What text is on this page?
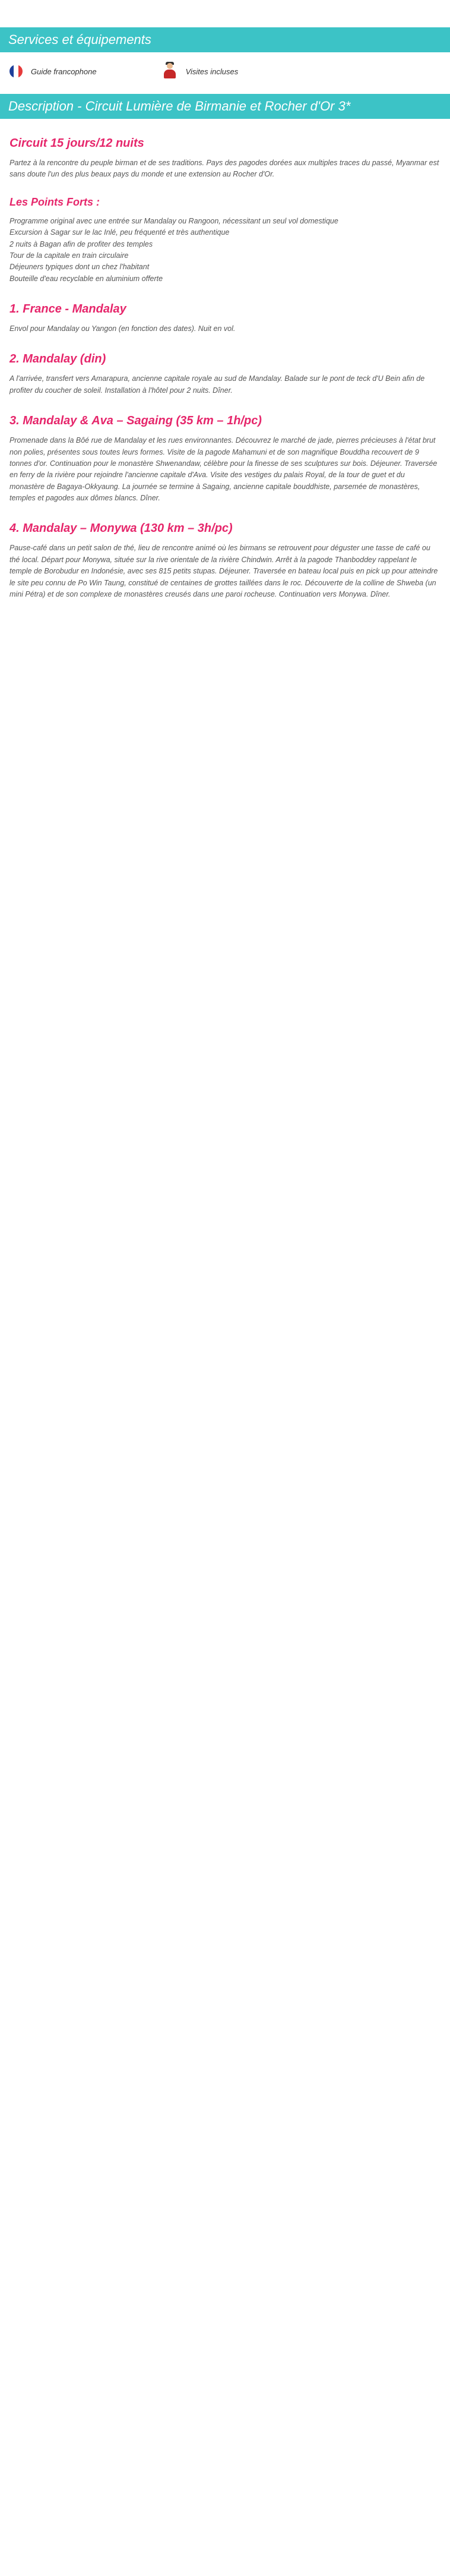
Services et équipements
Guide francophone	Visites incluses
Description - Circuit Lumière de Birmanie et Rocher d'Or 3*
Circuit 15 jours/12 nuits

Partez à la rencontre du peuple birman et de ses traditions. Pays des pagodes dorées aux multiples traces du passé, Myanmar est sans doute l'un des plus beaux pays du monde et une extension au Rocher d'Or.

Les Points Forts :
Programme original avec une entrée sur Mandalay ou Rangoon, nécessitant un seul vol domestique
Excursion à Sagar sur le lac Inlé, peu fréquenté et très authentique
2 nuits à Bagan afin de profiter des temples
Tour de la capitale en train circulaire
Déjeuners typiques dont un chez l'habitant
Bouteille d'eau recyclable en aluminium offerte
1. France - Mandalay

Envol pour Mandalay ou Yangon (en fonction des dates). Nuit en vol.

2. Mandalay (din)

A l'arrivée, transfert vers Amarapura, ancienne capitale royale au sud de Mandalay. Balade sur le pont de teck d'U Bein afin de profiter du coucher de soleil. Installation à l'hôtel pour 2 nuits. Dîner.

3. Mandalay & Ava – Sagaing (35 km – 1h/pc)

Promenade dans la Bôé rue de Mandalay et les rues environnantes. Découvrez le marché de jade, pierres précieuses à l'état brut non polies, présentes sous toutes leurs formes. Visite de la pagode Mahamuni et de son magnifique Bouddha recouvert de 9 tonnes d'or. Continuation pour le monastère Shwenandaw, célèbre pour la finesse de ses sculptures sur bois. Déjeuner. Traversée en ferry de la rivière pour rejoindre l'ancienne capitale d'Ava. Visite des vestiges du palais Royal, de la tour de guet et du monastère de Bagaya-Okkyaung. La journée se termine à Sagaing, ancienne capitale bouddhiste, parsemée de monastères, temples et pagodes aux dômes blancs. Dîner.

4. Mandalay – Monywa (130 km – 3h/pc)

Pause-café dans un petit salon de thé, lieu de rencontre animé où les birmans se retrouvent pour déguster une tasse de café ou thé local. Départ pour Monywa, située sur la rive orientale de la rivière Chindwin. Arrêt à la pagode Thanboddey rappelant le temple de Borobudur en Indonésie, avec ses 815 petits stupas. Déjeuner. Traversée en bateau local puis en pick up pour atteindre le site peu connu de Po Win Taung, constitué de centaines de grottes taillées dans le roc. Découverte de la colline de Shweba (un mini Pétra) et de son complexe de monastères creusés dans une paroi rocheuse. Continuation vers Monywa. Dîner.
